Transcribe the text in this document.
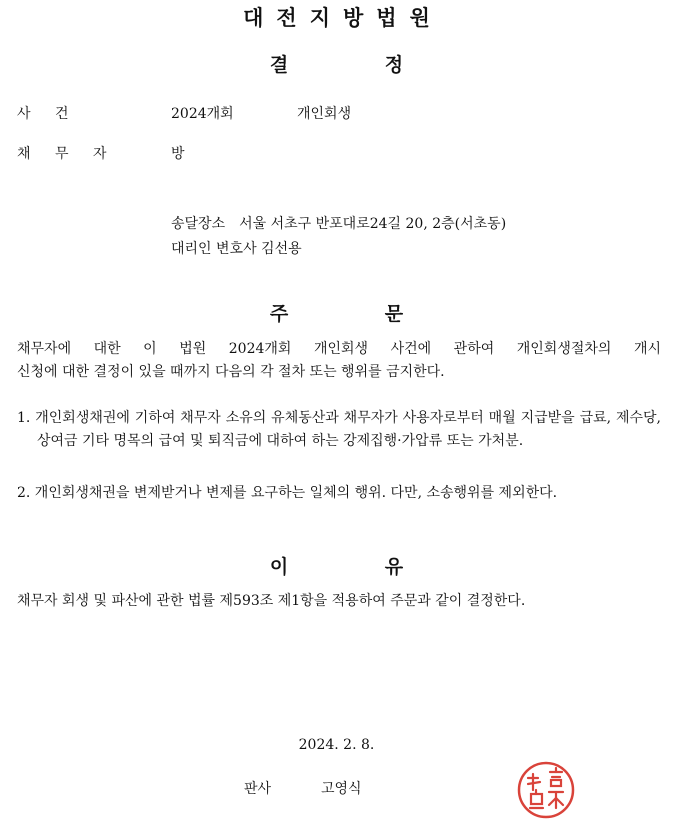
대전지방법원
결 정
사 건	2024개회	개인회생
채 무 자	방
송달장소 서울 서초구 반포대로24길 20, 2층(서초동)
대리인 변호사 김선용
주 문
채무자에 대한 이 법원 2024개회 개인회생 사건에 관하여 개인회생절차의 개시
신청에 대한 결정이 있을 때까지 다음의 각 절차 또는 행위를 금지한다.
1. 개인회생채권에 기하여 채무자 소유의 유체동산과 채무자가 사용자로부터 매월 지급받을 급료, 제수당, 상여금 기타 명목의 급여 및 퇴직금에 대하여 하는 강제집행·가압류 또는 가처분.
2. 개인회생채권을 변제받거나 변제를 요구하는 일체의 행위. 다만, 소송행위를 제외한다.
이 유
채무자 회생 및 파산에 관한 법률 제593조 제1항을 적용하여 주문과 같이 결정한다.
2024. 2. 8.
판사	고영식
